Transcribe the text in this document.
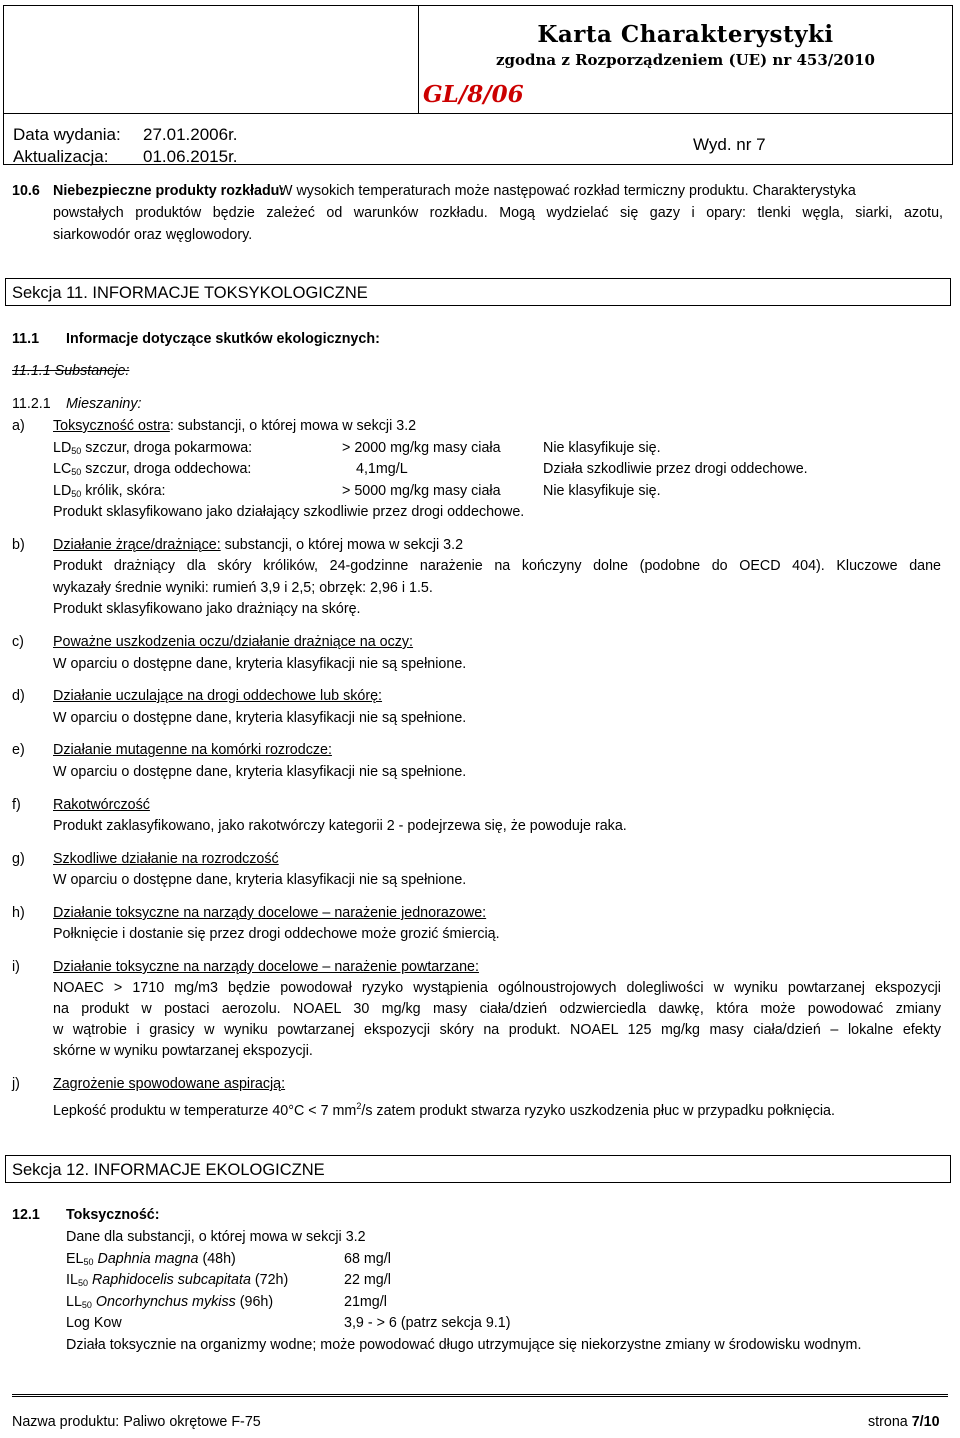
Karta Charakterystyki
zgodna z Rozporządzeniem (UE) nr 453/2010
GL/8/06
Data wydania: 27.01.2006r.
Aktualizacja: 01.06.2015r.
Wyd. nr 7
10.6 Niebezpieczne produkty rozkładu:
W wysokich temperaturach może następować rozkład termiczny produktu. Charakterystyka
powstałych produktów będzie zależeć od warunków rozkładu. Mogą wydzielać się gazy i opary: tlenki węgla, siarki, azotu,
siarkowodór oraz węglowodory.
Sekcja 11. INFORMACJE TOKSYKOLOGICZNE
11.1 Informacje dotyczące skutków ekologicznych:
11.1.1 Substancje:
11.2.1 Mieszaniny:
a) Toksyczność ostra: substancji, o której mowa w sekcji 3.2
$LD_{50}$ szczur, droga pokarmowa:	> 2000 mg/kg masy ciała	Nie klasyfikuje się.
$LC_{50}$ szczur, droga oddechowa:	4,1mg/L	Działa szkodliwie przez drogi oddechowe.
$LD_{50}$ królik, skóra:	> 5000 mg/kg masy ciała	Nie klasyfikuje się.
Produkt sklasyfikowano jako działający szkodliwie przez drogi oddechowe.
b) Działanie żrące/drażniące: substancji, o której mowa w sekcji 3.2
Produkt drażniący dla skóry królików, 24-godzinne narażenie na kończyny dolne (podobne do OECD 404). Kluczowe dane
wykazały średnie wyniki: rumień 3,9 i 2,5; obrzęk: 2,96 i 1.5.
Produkt sklasyfikowano jako drażniący na skórę.
c) Poważne uszkodzenia oczu/działanie drażniące na oczy:
W oparciu o dostępne dane, kryteria klasyfikacji nie są spełnione.
d) Działanie uczulające na drogi oddechowe lub skórę:
W oparciu o dostępne dane, kryteria klasyfikacji nie są spełnione.
e) Działanie mutagenne na komórki rozrodcze:
W oparciu o dostępne dane, kryteria klasyfikacji nie są spełnione.
f) Rakotwórczość
Produkt zaklasyfikowano, jako rakotwórczy kategorii 2 - podejrzewa się, że powoduje raka.
g) Szkodliwe działanie na rozrodczość
W oparciu o dostępne dane, kryteria klasyfikacji nie są spełnione.
h) Działanie toksyczne na narządy docelowe – narażenie jednorazowe:
Połknięcie i dostanie się przez drogi oddechowe może grozić śmiercią.
i) Działanie toksyczne na narządy docelowe – narażenie powtarzane:
NOAEC > 1710 mg/m3 będzie powodował ryzyko wystąpienia ogólnoustrojowych dolegliwości w wyniku powtarzanej ekspozycji
na produkt w postaci aerozolu. NOAEL 30 mg/kg masy ciała/dzień odzwierciedla dawkę, która może powodować zmiany
w wątrobie i grasicy w wyniku powtarzanej ekspozycji skóry na produkt. NOAEL 125 mg/kg masy ciała/dzień – lokalne efekty
skórne w wyniku powtarzanej ekspozycji.
j) Zagrożenie spowodowane aspiracją:
Lepkość produktu w temperaturze 40°C < 7 $mm^2/s$ zatem produkt stwarza ryzyko uszkodzenia płuc w przypadku połknięcia.
Sekcja 12. INFORMACJE EKOLOGICZNE
12.1 Toksyczność:
Dane dla substancji, o której mowa w sekcji 3.2
$EL_{50}$ Daphnia magna (48h)	68 mg/l
$IL_{50}$ Raphidocelis subcapitata (72h)	22 mg/l
$LL_{50}$ Oncorhynchus mykiss (96h)	21mg/l
Log Kow	3,9 - > 6 (patrz sekcja 9.1)
Działa toksycznie na organizmy wodne; może powodować długo utrzymujące się niekorzystne zmiany w środowisku wodnym.
Nazwa produktu: Paliwo okrętowe F-75	strona 7/10
